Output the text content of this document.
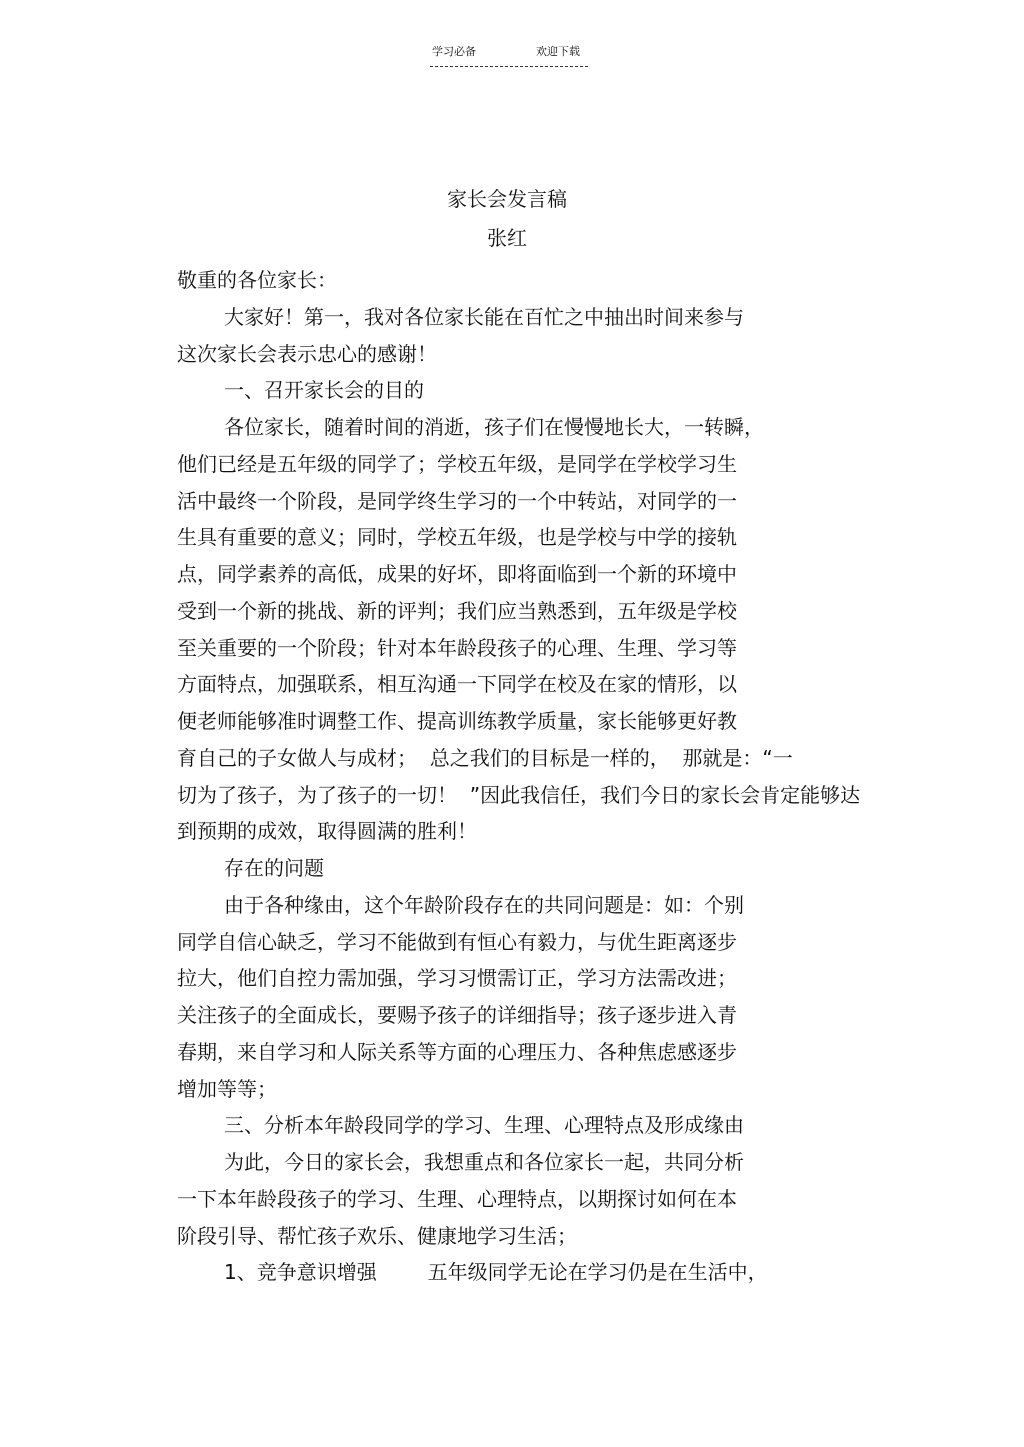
学习必备	欢迎下载
家长会发言稿
张红
敬重的各位家长：
大家好！第一，我对各位家长能在百忙之中抽出时间来参与
这次家长会表示忠心的感谢！
一、召开家长会的目的
各位家长，随着时间的消逝，孩子们在慢慢地长大，一转瞬，
他们已经是五年级的同学了；学校五年级，是同学在学校学习生
活中最终一个阶段，是同学终生学习的一个中转站，对同学的一
生具有重要的意义；同时，学校五年级，也是学校与中学的接轨
点，同学素养的高低，成果的好坏，即将面临到一个新的环境中
受到一个新的挑战、新的评判；我们应当熟悉到，五年级是学校
至关重要的一个阶段；针对本年龄段孩子的心理、生理、学习等
方面特点，加强联系，相互沟通一下同学在校及在家的情形，以
便老师能够准时调整工作、提高训练教学质量，家长能够更好教
育自己的子女做人与成材；  总之我们的目标是一样的，  那就是：“一
切为了孩子，为了孩子的一切！  ”因此我信任，我们今日的家长会肯定能够达
到预期的成效，取得圆满的胜利！
存在的问题
由于各种缘由，这个年龄阶段存在的共同问题是：如：个别
同学自信心缺乏，学习不能做到有恒心有毅力，与优生距离逐步
拉大，他们自控力需加强，学习习惯需订正，学习方法需改进；
关注孩子的全面成长，要赐予孩子的详细指导；孩子逐步进入青
春期，来自学习和人际关系等方面的心理压力、各种焦虑感逐步
增加等等；
三、分析本年龄段同学的学习、生理、心理特点及形成缘由
为此，今日的家长会，我想重点和各位家长一起，共同分析
一下本年龄段孩子的学习、生理、心理特点，以期探讨如何在本
阶段引导、帮忙孩子欢乐、健康地学习生活；
1、竞争意识增强        五年级同学无论在学习仍是在生活中，
